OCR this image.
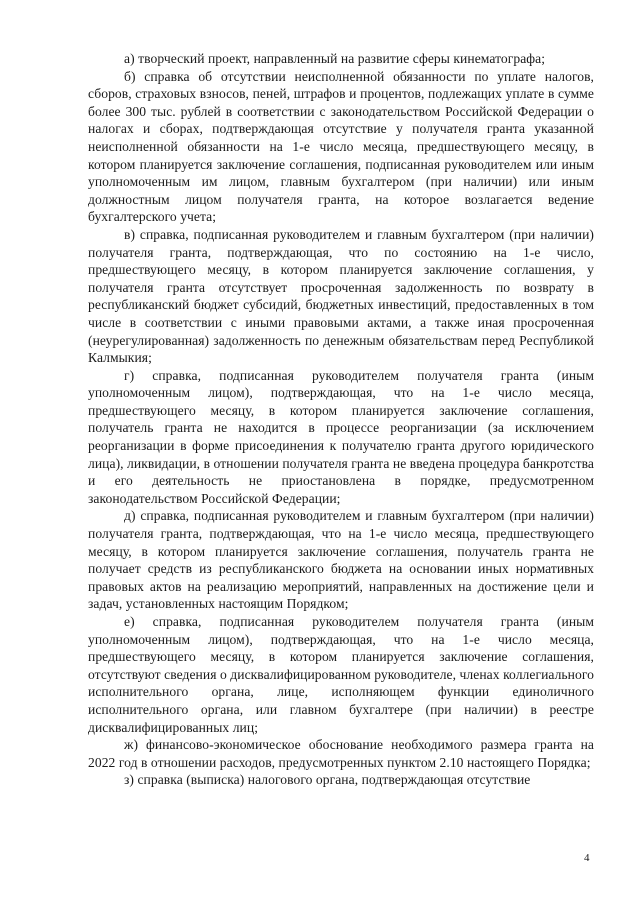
а) творческий проект, направленный на развитие сферы кинематографа;

б) справка об отсутствии неисполненной обязанности по уплате налогов, сборов, страховых взносов, пеней, штрафов и процентов, подлежащих уплате в сумме более 300 тыс. рублей в соответствии с законодательством Российской Федерации о налогах и сборах, подтверждающая отсутствие у получателя гранта указанной неисполненной обязанности на 1-е число месяца, предшествующего месяцу, в котором планируется заключение соглашения, подписанная руководителем или иным уполномоченным им лицом, главным бухгалтером (при наличии) или иным должностным лицом получателя гранта, на которое возлагается ведение бухгалтерского учета;

в) справка, подписанная руководителем и главным бухгалтером (при наличии) получателя гранта, подтверждающая, что по состоянию на 1-е число, предшествующего месяцу, в котором планируется заключение соглашения, у получателя гранта отсутствует просроченная задолженность по возврату в республиканский бюджет субсидий, бюджетных инвестиций, предоставленных в том числе в соответствии с иными правовыми актами, а также иная просроченная (неурегулированная) задолженность по денежным обязательствам перед Республикой Калмыкия;

г) справка, подписанная руководителем получателя гранта (иным уполномоченным лицом), подтверждающая, что на 1-е число месяца, предшествующего месяцу, в котором планируется заключение соглашения, получатель гранта не находится в процессе реорганизации (за исключением реорганизации в форме присоединения к получателю гранта другого юридического лица), ликвидации, в отношении получателя гранта не введена процедура банкротства и его деятельность не приостановлена в порядке, предусмотренном законодательством Российской Федерации;

д) справка, подписанная руководителем и главным бухгалтером (при наличии) получателя гранта, подтверждающая, что на 1-е число месяца, предшествующего месяцу, в котором планируется заключение соглашения, получатель гранта не получает средств из республиканского бюджета на основании иных нормативных правовых актов на реализацию мероприятий, направленных на достижение цели и задач, установленных настоящим Порядком;

е) справка, подписанная руководителем получателя гранта (иным уполномоченным лицом), подтверждающая, что на 1-е число месяца, предшествующего месяцу, в котором планируется заключение соглашения, отсутствуют сведения о дисквалифицированном руководителе, членах коллегиального исполнительного органа, лице, исполняющем функции единоличного исполнительного органа, или главном бухгалтере (при наличии) в реестре дисквалифицированных лиц;

ж) финансово-экономическое обоснование необходимого размера гранта на 2022 год в отношении расходов, предусмотренных пунктом 2.10 настоящего Порядка;

з) справка (выписка) налогового органа, подтверждающая отсутствие

4
